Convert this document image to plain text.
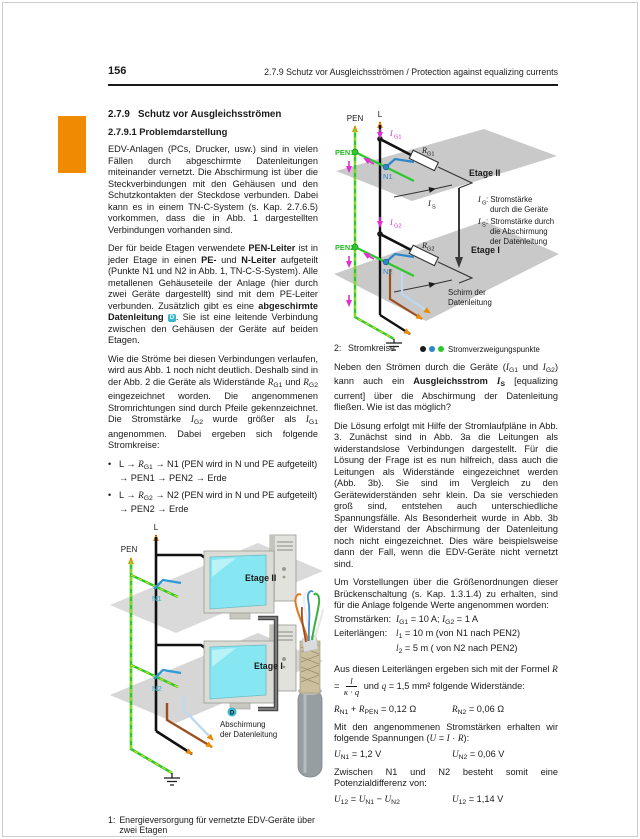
156	2.7.9 Schutz vor Ausgleichsströmen / Protection against equalizing currents
2.7.9 Schutz vor Ausgleichsströmen
2.7.9.1 Problemdarstellung

EDV-Anlagen (PCs, Drucker, usw.) sind in vielen Fällen durch abgeschirmte Datenleitungen miteinander vernetzt. Die Abschirmung ist über die Steckverbindungen mit den Gehäusen und den Schutzkontakten der Steckdose verbunden. Dabei kann es in einem TN-C-System (s. Kap. 2.7.6.5) vorkommen, dass die in Abb. 1 dargestellten Verbindungen vorhanden sind.

Der für beide Etagen verwendete PEN-Leiter ist in jeder Etage in einen PE- und N-Leiter aufgeteilt (Punkte N1 und N2 in Abb. 1, TN-C-S-System). Alle metallenen Gehäuseteile der Anlage (hier durch zwei Geräte dargestellt) sind mit dem PE-Leiter verbunden. Zusätzlich gibt es eine abgeschirmte Datenleitung D . Sie ist eine leitende Verbindung zwischen den Gehäusen der Geräte auf beiden Etagen.

Wie die Ströme bei diesen Verbindungen verlaufen, wird aus Abb. 1 noch nicht deutlich. Deshalb sind in der Abb. 2 die Geräte als Widerstände $R_{G1}$ und $R_{G2}$ eingezeichnet worden. Die angenommenen Stromrichtungen sind durch Pfeile gekennzeichnet. Die Stromstärke $I_{G2}$ wurde größer als $I_{G1}$ angenommen. Dabei ergeben sich folgende Stromkreise:

• $L \to R_{G1} \to N1$ (PEN wird in N und PE aufgeteilt)
→ PEN1 → PEN2 → Erde
• $L \to R_{G2} \to N2$ (PEN wird in N und PE aufgeteilt)
→ PEN2 → Erde
PEN
L
N1
N2
Etage II
Etage I
D
Abschirmung
der Datenleitung
1: Energieversorgung für vernetzte EDV-Geräte über zwei Etagen
PEN L
PEN1
PEN2
N1
N2
I G1
I G2
R G1
R G2
I S
Etage II
Etage I
I G : Stromstärke
durch die Geräte
I S : Stromstärke durch
die Abschirmung
der Datenleitung
Schirm der
Datenleitung
Stromverzweigungspunkte
2: Stromkreise

Neben den Strömen durch die Geräte ($I_{G1}$ und $I_{G2}$) kann auch ein Ausgleichsstrom $I_S$ [equalizing current] über die Abschirmung der Datenleitung fließen. Wie ist das möglich?

Die Lösung erfolgt mit Hilfe der Stromlaufpläne in Abb. 3. Zunächst sind in Abb. 3a die Leitungen als widerstandslose Verbindungen dargestellt. Für die Lösung der Frage ist es nun hilfreich, dass auch die Leitungen als Widerstände eingezeichnet werden (Abb. 3b). Sie sind im Vergleich zu den Gerätewiderständen sehr klein. Da sie verschieden groß sind, entstehen auch unterschiedliche Spannungsfälle. Als Besonderheit wurde in Abb. 3b der Widerstand der Abschirmung der Datenleitung noch nicht eingezeichnet. Dies wäre beispielsweise dann der Fall, wenn die EDV-Geräte nicht vernetzt sind.

Um Vorstellungen über die Größenordnungen dieser Brückenschaltung (s. Kap. 1.3.1.4) zu erhalten, sind für die Anlage folgende Werte angenommen worden:

Stromstärken: $I_{G1} = 10$ A; $I_{G2} = 1$ A
Leiterlängen: $l_1 = 10$ m (von N1 nach PEN2)
$l_2 = 5$ m ( von N2 nach PEN2)

Aus diesen Leiterlängen ergeben sich mit der Formel $R = \frac{l}{\kappa \cdot q}$ und q = 1,5 mm² folgende Widerstände:

$R_{N1} + R_{PEN} = 0,12$ Ω	$R_{N2} = 0,06$ Ω

Mit den angenommenen Stromstärken erhalten wir folgende Spannungen (U = I · R):

$U_{N1} = 1,2$ V	$U_{N2} = 0,06$ V

Zwischen N1 und N2 besteht somit eine Potenzialdifferenz von:

$U_{12} = U_{N1} - U_{N2}$	$U_{12} = 1,14$ V
